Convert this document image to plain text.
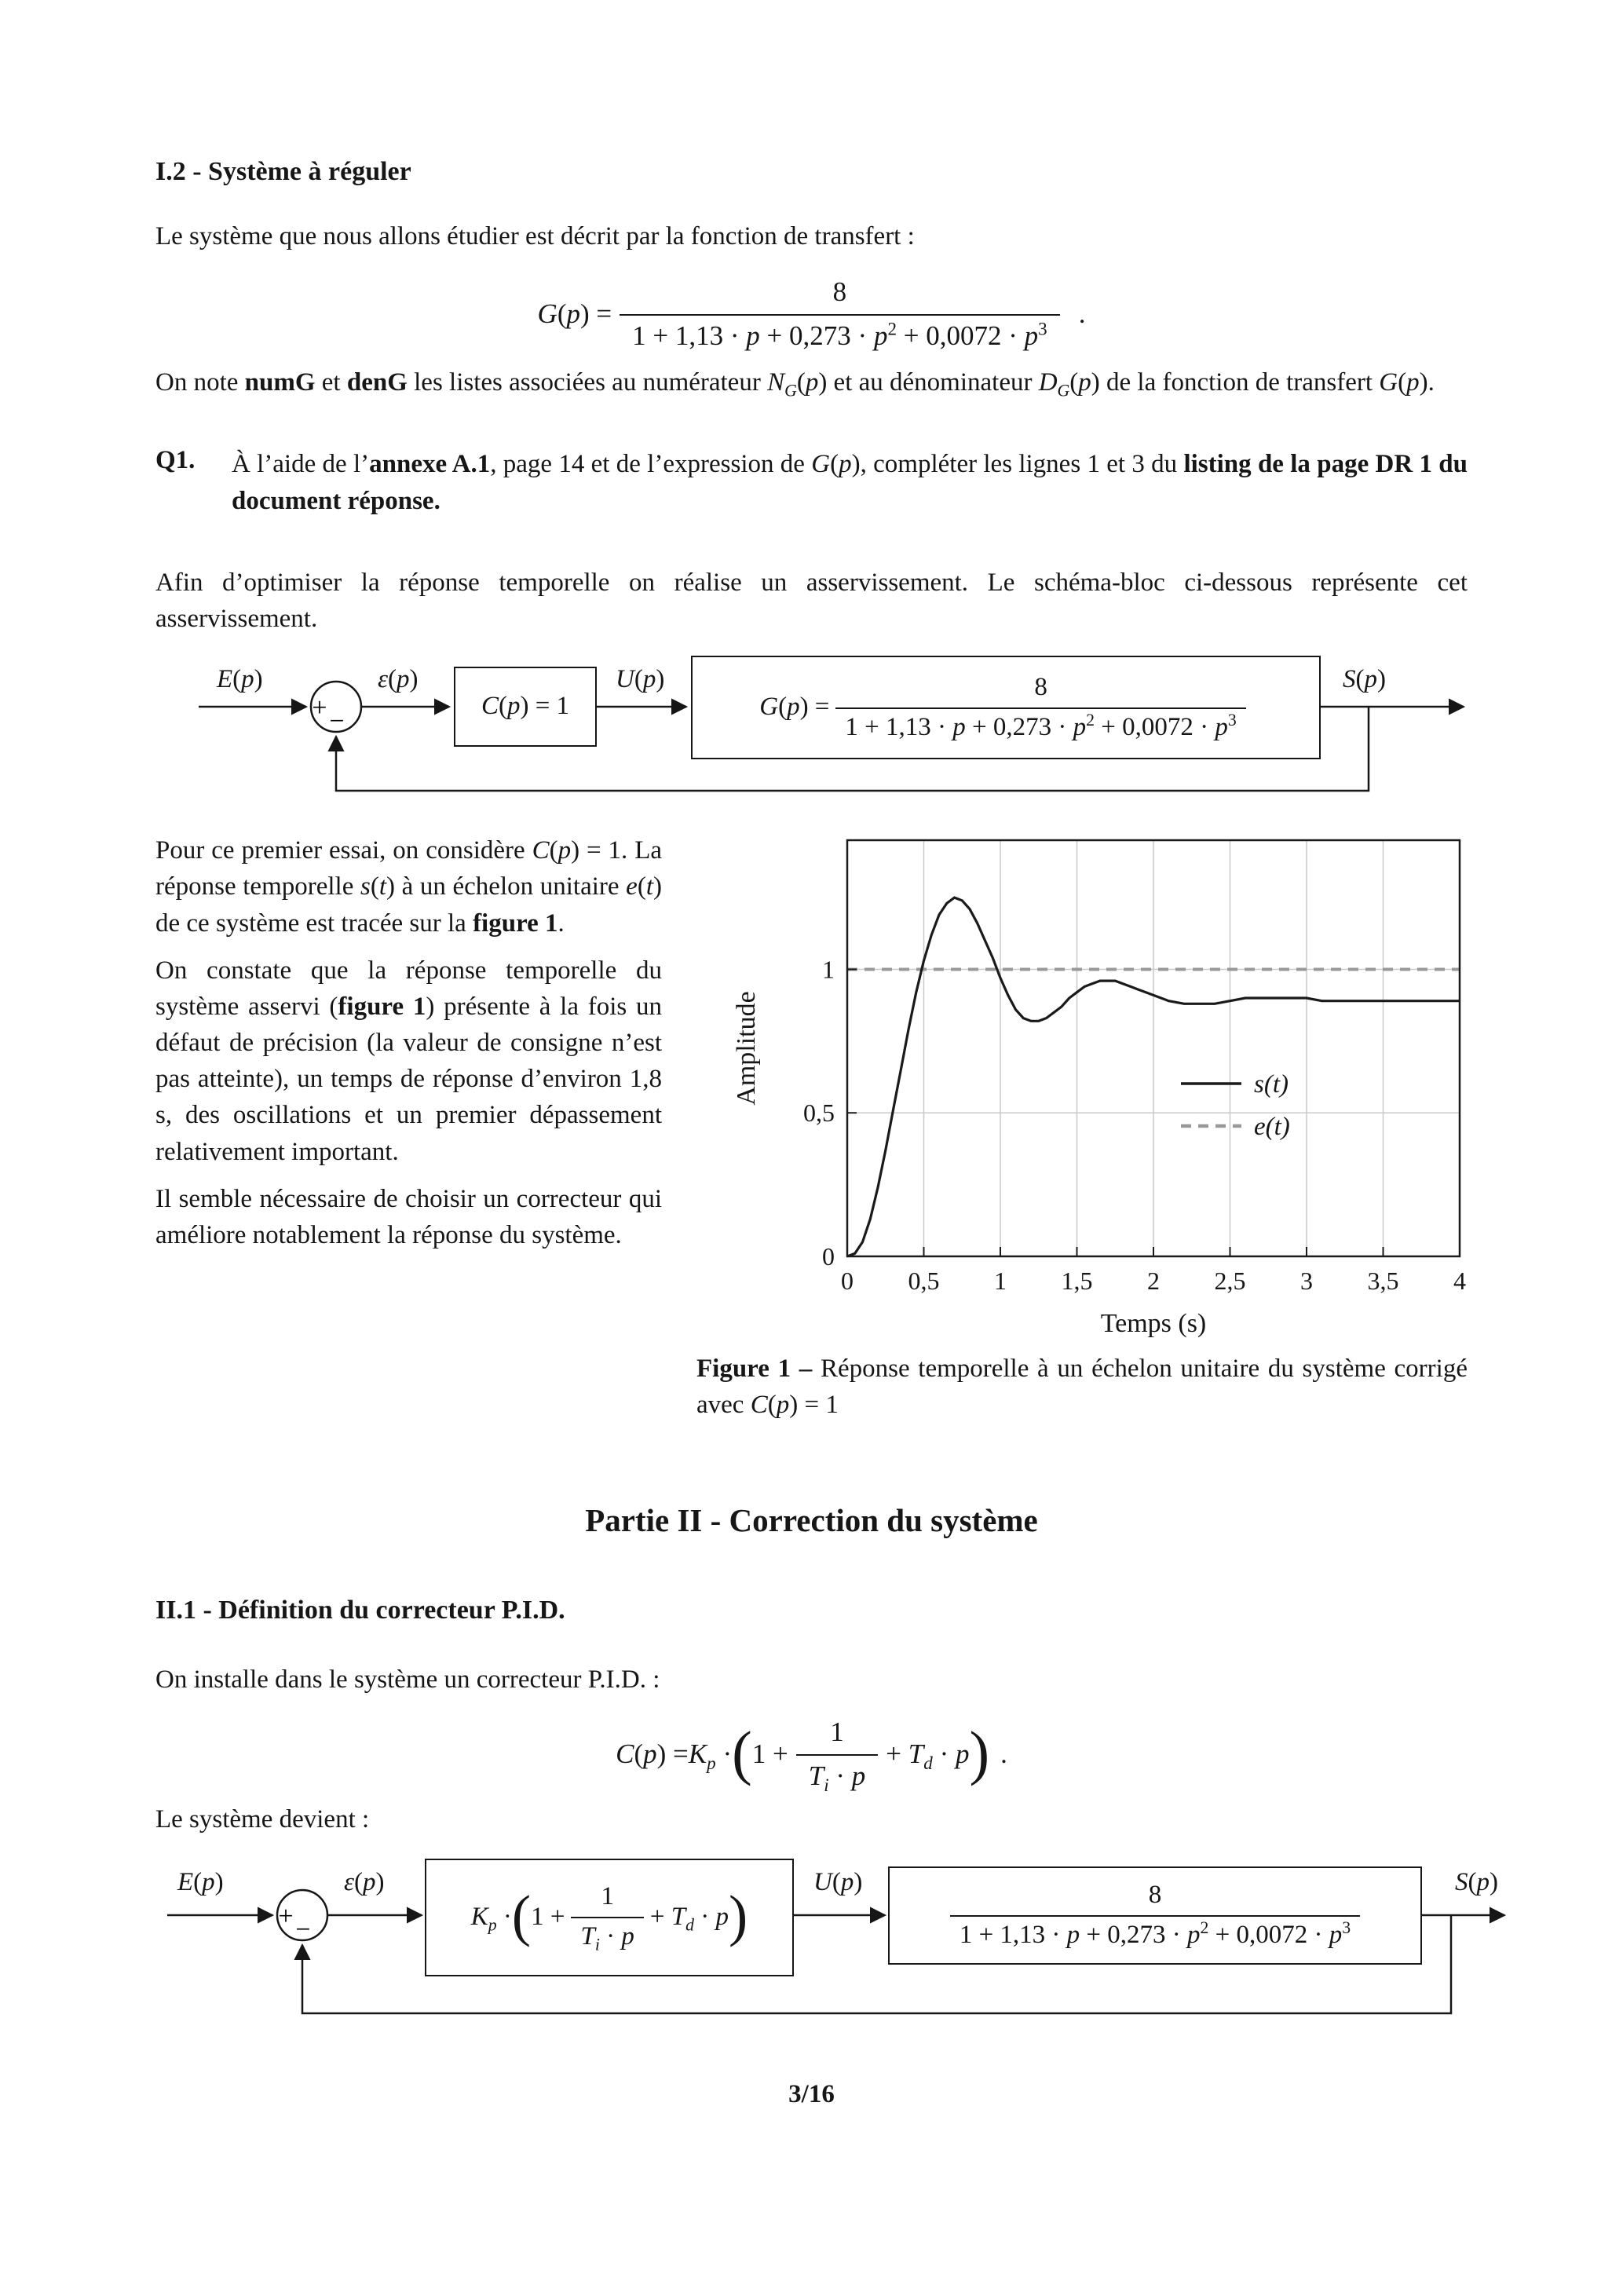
I.2 - Système à réguler

Le système que nous allons étudier est décrit par la fonction de transfert :

$G(p) = \frac{8}{1 + 1,13 \cdot p + 0,273 \cdot p^2 + 0,0072 \cdot p^3}$ .

On note numG et denG les listes associées au numérateur $N_G(p)$ et au dénominateur $D_G(p)$ de la fonction de transfert G(p).

Q1.	À l’aide de l’annexe A.1, page 14 et de l’expression de G(p), compléter les lignes 1 et 3 du listing de la page DR 1 du document réponse.

Afin d’optimiser la réponse temporelle on réalise un asservissement. Le schéma-bloc ci-dessous représente cet asservissement.

+ −
E(p)	ε(p)
C(p) = 1
U(p)
$G(p) = \frac{8}{1 + 1,13 \cdot p + 0,273 \cdot p^2 + 0,0072 \cdot p^3}$	S(p)

Pour ce premier essai, on considère C(p) = 1. La réponse temporelle s(t) à un échelon unitaire e(t) de ce système est tracée sur la figure 1.

On constate que la réponse temporelle du système asservi (figure 1) présente à la fois un défaut de précision (la valeur de consigne n’est pas atteinte), un temps de réponse d’environ 1,8 s, des oscillations et un premier dépassement relativement important.

Il semble nécessaire de choisir un correcteur qui améliore notablement la réponse du système.

0 0,5 1 1,5 2 2,5 3 3,5 4
0
0,5
1
Temps (s)
Amplitude	s(t)
e(t)

Figure 1 – Réponse temporelle à un échelon unitaire du système corrigé avec C(p) = 1

Partie II - Correction du système
II.1 - Définition du correcteur P.I.D.

On installe dans le système un correcteur P.I.D. :

$C(p) = K_p$ · ( $1 + \frac{1}{T_i \cdot p} + T_d \cdot p$ ) .

Le système devient :

+ −
E(p)	ε(p)
$K_p$ · ( $1 + \frac{1}{T_i \cdot p} + T_d \cdot p$ )
U(p)	$\frac{8}{1 + 1,13 \cdot p + 0,273 \cdot p^2 + 0,0072 \cdot p^3}$	S(p)
3/16
